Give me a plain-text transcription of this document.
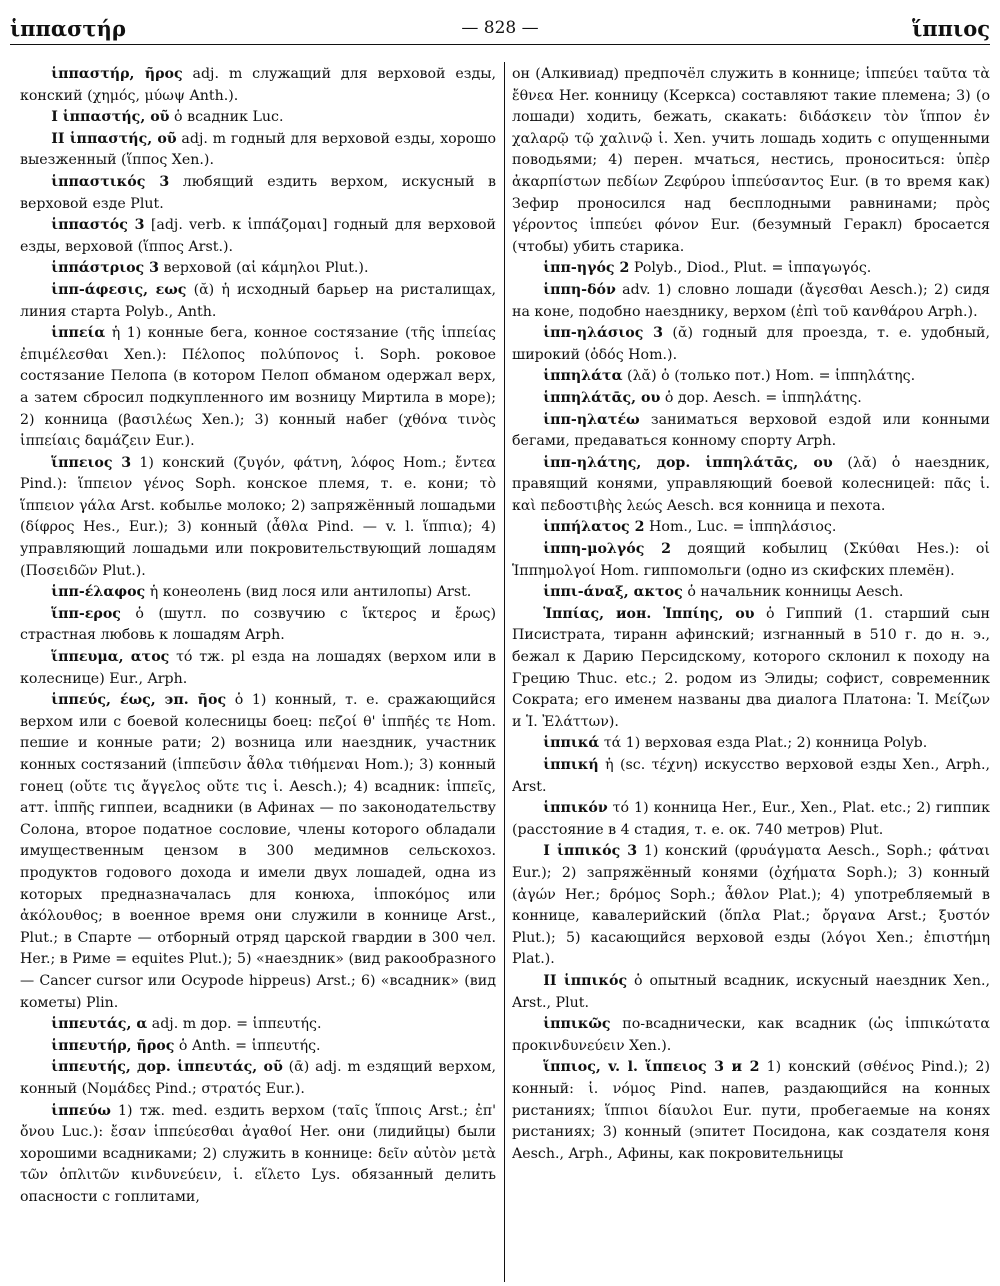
ἱππαστήρ	— 828 —	ἵππιος

ἱππαστήρ, ῆρος adj. m служащий для верховой езды, конский (χημός, μύωψ Anth.).

I ἱππαστής, οῦ ὁ всадник Luc.

II ἱππαστής, οῦ adj. m годный для верховой езды, хорошо выезженный (ἵππος Xen.).

ἱππαστικός 3 любящий ездить верхом, искусный в верховой езде Plut.

ἱππαστός 3 [adj. verb. к ἱππάζομαι] годный для верховой езды, верховой (ἵππος Arst.).

ἱππάστριος 3 верховой (αἱ κάμηλοι Plut.).

ἱππ-άφεσις, εως (ᾰ) ἡ исходный барьер на ристалищах, линия старта Polyb., Anth.

ἱππεία ἡ 1) конные бега, конное состязание (τῆς ἱππείας ἐπιμέλεσθαι Xen.): Πέλοπος πολύπονος ἱ. Soph. роковое состязание Пелопа (в котором Пелоп обманом одержал верх, а затем сбросил подкупленного им возницу Миртила в море); 2) конница (βασιλέως Xen.); 3) конный набег (χθόνα τινὸς ἱππείαις δαμάζειν Eur.).

ἵππειος 3 1) конский (ζυγόν, φάτνη, λόφος Hom.; ἔντεα Pind.): ἵππειον γένος Soph. конское племя, т. е. кони; τὸ ἵππειον γάλα Arst. кобылье молоко; 2) запряжённый лошадьми (δίφρος Hes., Eur.); 3) конный (ἆθλα Pind. — v. l. ἵππια); 4) управляющий лошадьми или покровительствующий лошадям (Ποσειδῶν Plut.).

ἱππ-έλαφος ἡ конеолень (вид лося или антилопы) Arst.

ἵππ-ερος ὁ (шутл. по созвучию с ἴκτερος и ἔρως) страстная любовь к лошадям Arph.

ἵππευμα, ατος τό тж. pl езда на лошадях (верхом или в колеснице) Eur., Arph.

ἱππεύς, έως, эп. ῆος ὁ 1) конный, т. е. сражающийся верхом или с боевой колесницы боец: πεζοί θ' ἱππῆές τε Hom. пешие и конные рати; 2) возница или наездник, участник конных состязаний (ἱππεῦσιν ἆθλα τιθήμεναι Hom.); 3) конный гонец (οὔτε τις ἄγγελος οὔτε τις ἱ. Aesch.); 4) всадник: ἱππεῖς, атт. ἱππῆς гиппеи, всадники (в Афинах — по законодательству Солона, второе податное сословие, члены которого обладали имущественным цензом в 300 медимнов сельскохоз. продуктов годового дохода и имели двух лошадей, одна из которых предназначалась для конюха, ἱπποκόμος или ἀκόλουθος; в военное время они служили в коннице Arst., Plut.; в Спарте — отборный отряд царской гвардии в 300 чел. Her.; в Риме = equites Plut.); 5) «наездник» (вид ракообразного — Cancer cursor или Ocypode hippeus) Arst.; 6) «всадник» (вид кометы) Plin.

ἱππευτάς, α adj. m дор. = ἱππευτής.

ἱππευτήρ, ῆρος ὁ Anth. = ἱππευτής.

ἱππευτής, дор. ἱππευτάς, οῦ (ᾱ) adj. m ездящий верхом, конный (Νομάδες Pind.; στρατός Eur.).

ἱππεύω 1) тж. med. ездить верхом (ταῖς ἵπποις Arst.; ἐπ' ὄνου Luc.): ἔσαν ἱππεύεσθαι ἀγαθοί Her. они (лидийцы) были хорошими всадниками; 2) служить в коннице: δεῖν αὐτὸν μετὰ τῶν ὁπλιτῶν κινδυνεύειν, ἱ. εἵλετο Lys. обязанный делить опасности с гоплитами,

он (Алкивиад) предпочёл служить в коннице; ἱππεύει ταῦτα τὰ ἔθνεα Her. конницу (Ксеркса) составляют такие племена; 3) (о лошади) ходить, бежать, скакать: διδάσκειν τὸν ἵππον ἐν χαλαρῷ τῷ χαλινῷ ἱ. Xen. учить лошадь ходить с опущенными поводьями; 4) перен. мчаться, нестись, проноситься: ὑπὲρ ἀκαρπίστων πεδίων Ζεφύρου ἱππεύσαντος Eur. (в то время как) Зефир проносился над бесплодными равнинами; πρὸς γέροντος ἱππεύει φόνον Eur. (безумный Геракл) бросается (чтобы) убить старика.

ἱππ-ηγός 2 Polyb., Diod., Plut. = ἱππαγωγός.

ἱππη-δόν adv. 1) словно лошади (ἄγεσθαι Aesch.); 2) сидя на коне, подобно наезднику, верхом (ἐπὶ τοῦ κανθάρου Arph.).

ἱππ-ηλάσιος 3 (ᾰ) годный для проезда, т. е. удобный, широкий (ὁδός Hom.).

ἱππηλάτα (λᾰ) ὁ (только пот.) Hom. = ἱππηλάτης.

ἱππηλάτᾱς, ου ὁ дор. Aesch. = ἱππηλάτης.

ἱππ-ηλατέω заниматься верховой ездой или конными бегами, предаваться конному спорту Arph.

ἱππ-ηλάτης, дор. ἱππηλάτᾱς, ου (λᾰ) ὁ наездник, правящий конями, управляющий боевой колесницей: πᾶς ἱ. καὶ πεδοστιβὴς λεώς Aesch. вся конница и пехота.

ἱππήλατος 2 Hom., Luc. = ἱππηλάσιος.

ἱππη-μολγός 2 доящий кобылиц (Σκύθαι Hes.): οἱ Ἱππημολγοί Hom. гиппомольги (одно из скифских племён).

ἱππι-άναξ, ακτος ὁ начальник конницы Aesch.

Ἱππίας, ион. Ἱππίης, ου ὁ Гиппий (1. старший сын Писистрата, тиранн афинский; изгнанный в 510 г. до н. э., бежал к Дарию Персидскому, которого склонил к походу на Грецию Thuc. etc.; 2. родом из Элиды; софист, современник Сократа; его именем названы два диалога Платона: Ἱ. Μείζων и Ἱ. Ἐλάττων).

ἱππικά τά 1) верховая езда Plat.; 2) конница Polyb.

ἱππική ἡ (sc. τέχνη) искусство верховой езды Xen., Arph., Arst.

ἱππικόν τό 1) конница Her., Eur., Xen., Plat. etc.; 2) гиппик (расстояние в 4 стадия, т. е. ок. 740 метров) Plut.

I ἱππικός 3 1) конский (φρυάγματα Aesch., Soph.; φάτναι Eur.); 2) запряжённый конями (ὀχήματα Soph.); 3) конный (ἀγών Her.; δρόμος Soph.; ἆθλον Plat.); 4) употребляемый в коннице, кавалерийский (ὅπλα Plat.; ὄργανα Arst.; ξυστόν Plut.); 5) касающийся верховой езды (λόγοι Xen.; ἐπιστήμη Plat.).

II ἱππικός ὁ опытный всадник, искусный наездник Xen., Arst., Plut.

ἱππικῶς по-всаднически, как всадник (ὡς ἱππικώτατα προκινδυνεύειν Xen.).

ἵππιος, v. l. ἵππειος 3 и 2 1) конский (σθένος Pind.); 2) конный: ἱ. νόμος Pind. напев, раздающийся на конных ристаниях; ἵππιοι δίαυλοι Eur. пути, пробегаемые на конях ристаниях; 3) конный (эпитет Посидона, как создателя коня Aesch., Arph., Афины, как покровительницы
